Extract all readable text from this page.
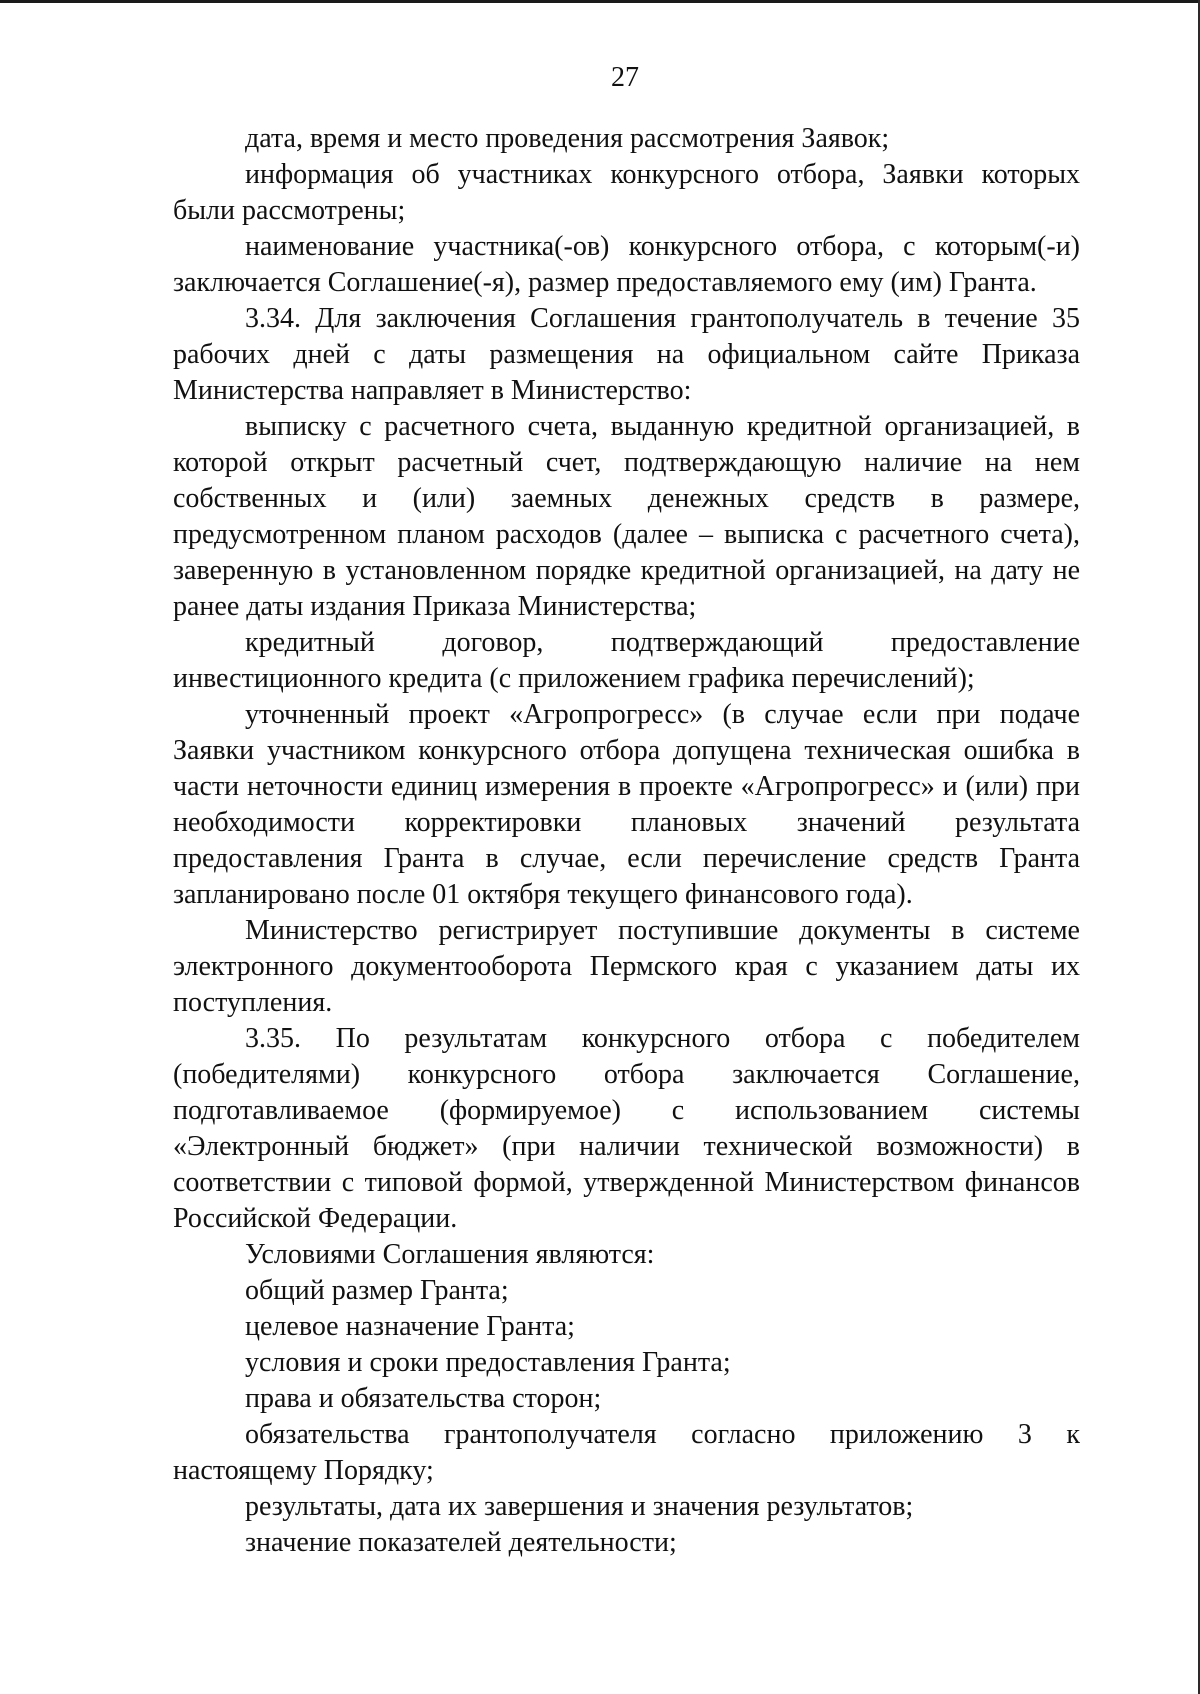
27

дата, время и место проведения рассмотрения Заявок;

информация об участниках конкурсного отбора, Заявки которых были рассмотрены;

наименование участника(-ов) конкурсного отбора, с которым(-и) заключается Соглашение(-я), размер предоставляемого ему (им) Гранта.

3.34. Для заключения Соглашения грантополучатель в течение 35 рабочих дней с даты размещения на официальном сайте Приказа Министерства направляет в Министерство:

выписку с расчетного счета, выданную кредитной организацией, в которой открыт расчетный счет, подтверждающую наличие на нем собственных и (или) заемных денежных средств в размере, предусмотренном планом расходов (далее – выписка с расчетного счета), заверенную в установленном порядке кредитной организацией, на дату не ранее даты издания Приказа Министерства;

кредитный договор, подтверждающий предоставление инвестиционного кредита (с приложением графика перечислений);

уточненный проект «Агропрогресс» (в случае если при подаче Заявки участником конкурсного отбора допущена техническая ошибка в части неточности единиц измерения в проекте «Агропрогресс» и (или) при необходимости корректировки плановых значений результата предоставления Гранта в случае, если перечисление средств Гранта запланировано после 01 октября текущего финансового года).

Министерство регистрирует поступившие документы в системе электронного документооборота Пермского края с указанием даты их поступления.

3.35. По результатам конкурсного отбора с победителем (победителями) конкурсного отбора заключается Соглашение, подготавливаемое (формируемое) с использованием системы «Электронный бюджет» (при наличии технической возможности) в соответствии с типовой формой, утвержденной Министерством финансов Российской Федерации.

Условиями Соглашения являются:

общий размер Гранта;

целевое назначение Гранта;

условия и сроки предоставления Гранта;

права и обязательства сторон;

обязательства грантополучателя согласно приложению 3 к настоящему Порядку;

результаты, дата их завершения и значения результатов;

значение показателей деятельности;
